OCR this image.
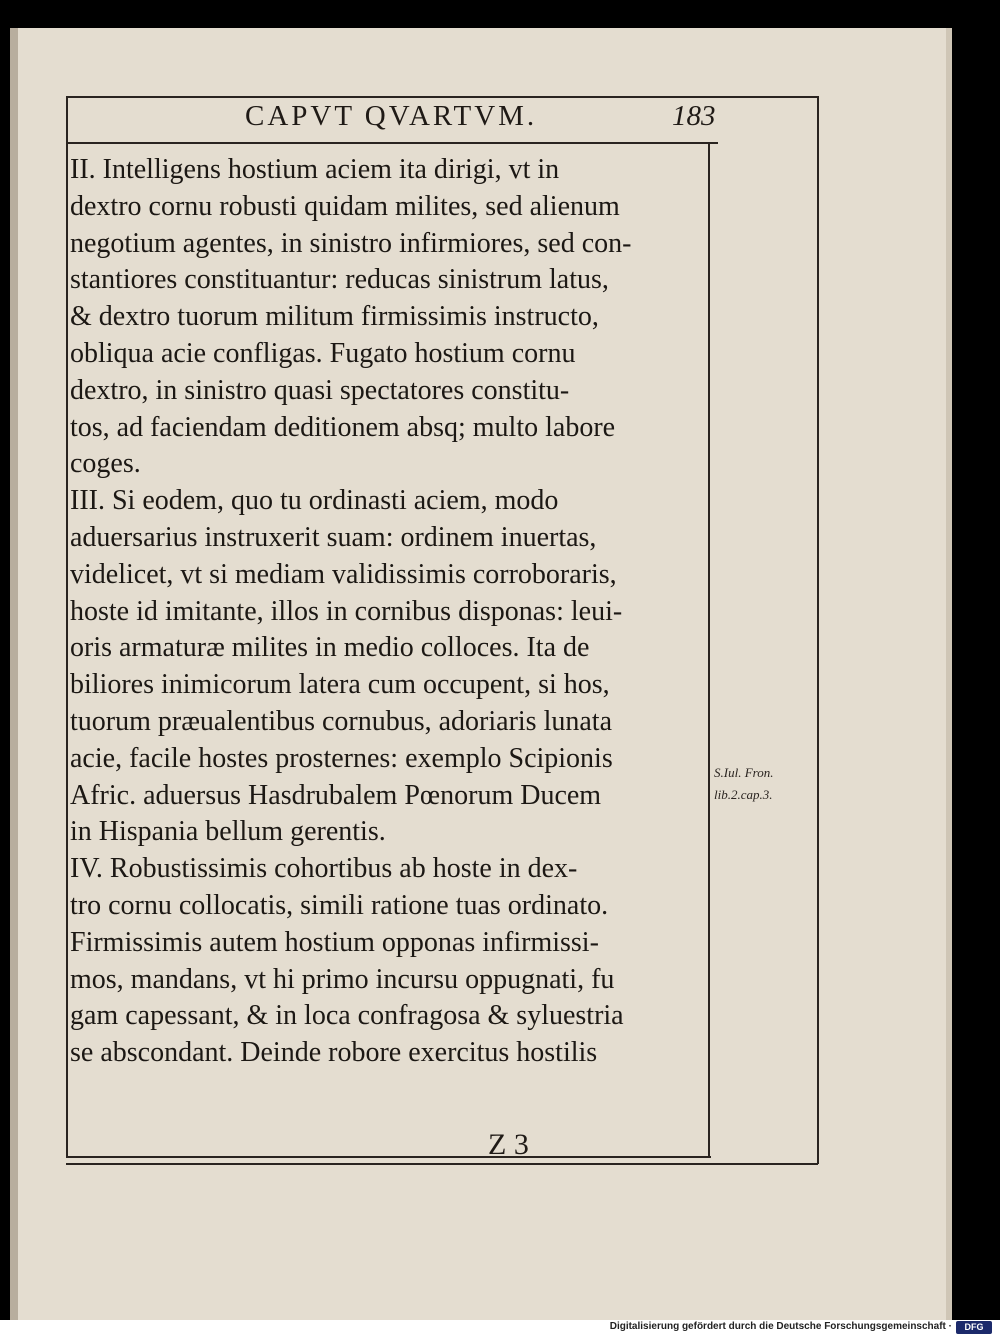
CAPVT QVARTVM.	183
II. Intelligens hostium aciem ita dirigi, vt in
dextro cornu robusti quidam milites, sed alienum
negotium agentes, in sinistro infirmiores, sed con-
stantiores constituantur: reducas sinistrum latus,
& dextro tuorum militum firmissimis instructo,
obliqua acie confligas. Fugato hostium cornu
dextro, in sinistro quasi spectatores constitu-
tos, ad faciendam deditionem absq; multo labore
coges.
III. Si eodem, quo tu ordinasti aciem, modo
aduersarius instruxerit suam: ordinem inuertas,
videlicet, vt si mediam validissimis corroboraris,
hoste id imitante, illos in cornibus disponas: leui-
oris armaturæ milites in medio colloces. Ita de
biliores inimicorum latera cum occupent, si hos,
tuorum præualentibus cornubus, adoriaris lunata
acie, facile hostes prosternes: exemplo Scipionis
Afric. aduersus Hasdrubalem Pœnorum Ducem
in Hispania bellum gerentis.
IV. Robustissimis cohortibus ab hoste in dex-
tro cornu collocatis, simili ratione tuas ordinato.
Firmissimis autem hostium opponas infirmissi-
mos, mandans, vt hi primo incursu oppugnati, fu
gam capessant, & in loca confragosa & syluestria
se abscondant. Deinde robore exercitus hostilis
S.Iul. Fron.
lib.2.cap.3.
Z 3
Digitalisierung gefördert durch die Deutsche Forschungsgemeinschaft ·	DFG
